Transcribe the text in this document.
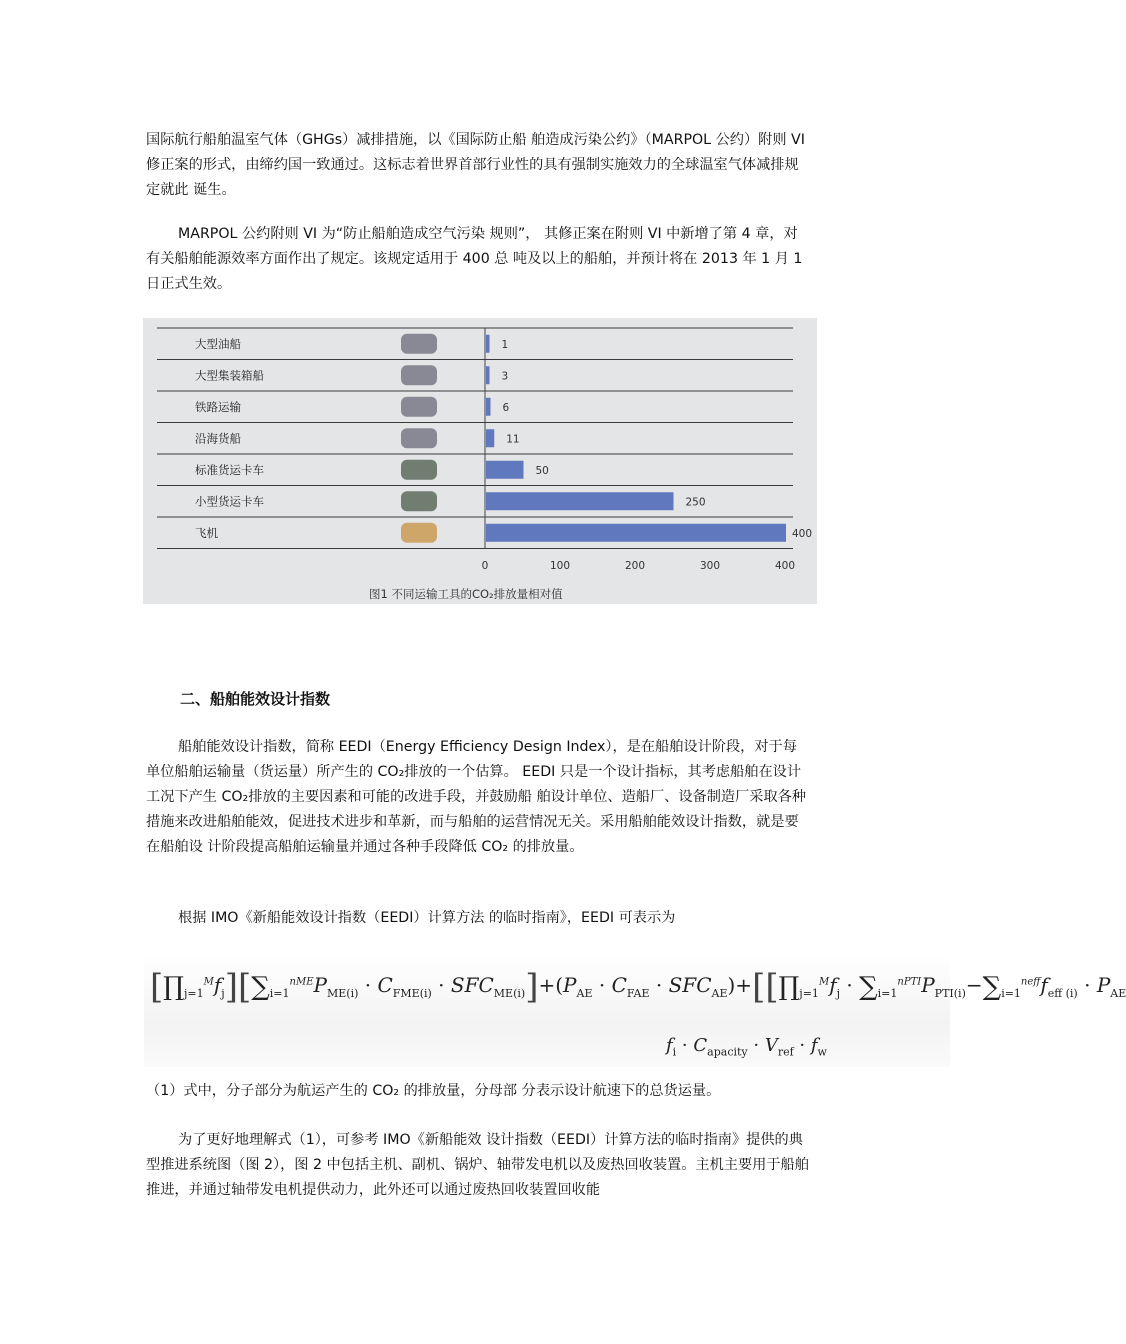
国际航行船舶温室气体（GHGs）减排措施，以《国际防止船 舶造成污染公约》（MARPOL 公约）附则 VI 修正案的形式，由缔约国一致通过。这标志着世界首部行业性的具有强制实施效力的全球温室气体减排规定就此 诞生。

MARPOL 公约附则 VI 为“防止船舶造成空气污染 规则”， 其修正案在附则 VI 中新增了第 4 章，对有关船舶能源效率方面作出了规定。该规定适用于 400 总 吨及以上的船舶，并预计将在 2013 年 1 月 1 日正式生效。

大型油船	1
大型集装箱船	3
铁路运输	6
沿海货船	11
标准货运卡车	50
小型货运卡车	250
飞机	400
0	100	200	300	400
图1 不同运输工具的CO₂排放量相对值
二、船舶能效设计指数

船舶能效设计指数，简称 EEDI（Energy Efficiency Design Index），是在船舶设计阶段，对于每单位船舶运输量（货运量）所产生的 CO₂排放的一个估算。 EEDI 只是一个设计指标，其考虑船舶在设计工况下产生 CO₂排放的主要因素和可能的改进手段，并鼓励船 舶设计单位、造船厂、设备制造厂采取各种措施来改进船舶能效，促进技术进步和革新，而与船舶的运营情况无关。采用船舶能效设计指数，就是要在船舶设 计阶段提高船舶运输量并通过各种手段降低 CO₂ 的排放量。

根据 IMO《新船能效设计指数（EEDI）计算方法 的临时指南》，EEDI 可表示为

$[\prod_{j=1}^Mf_j][\sum_{i=1}^{nME}P_{ME(i)} \cdot C_{FME(i)} \cdot SFC_{ME(i)}]+(P_{AE} \cdot C_{FAE}$ · $SFC_{AE})+[[\prod_{j=1}^Mf_j \cdot \sum_{i=1}^{nPTI}P_{PTI(i)}-\sum_{i=1}^{neff}f_{eff (i)} \cdot P_{AE}$
$f_i \cdot C_{apacity} \cdot V_{ref} \cdot f_w$

（1）式中，分子部分为航运产生的 CO₂ 的排放量，分母部 分表示设计航速下的总货运量。

为了更好地理解式（1），可参考 IMO《新船能效 设计指数（EEDI）计算方法的临时指南》提供的典型推进系统图（图 2），图 2 中包括主机、副机、锅炉、轴带发电机以及废热回收装置。主机主要用于船舶推进，并通过轴带发电机提供动力，此外还可以通过废热回收装置回收能
